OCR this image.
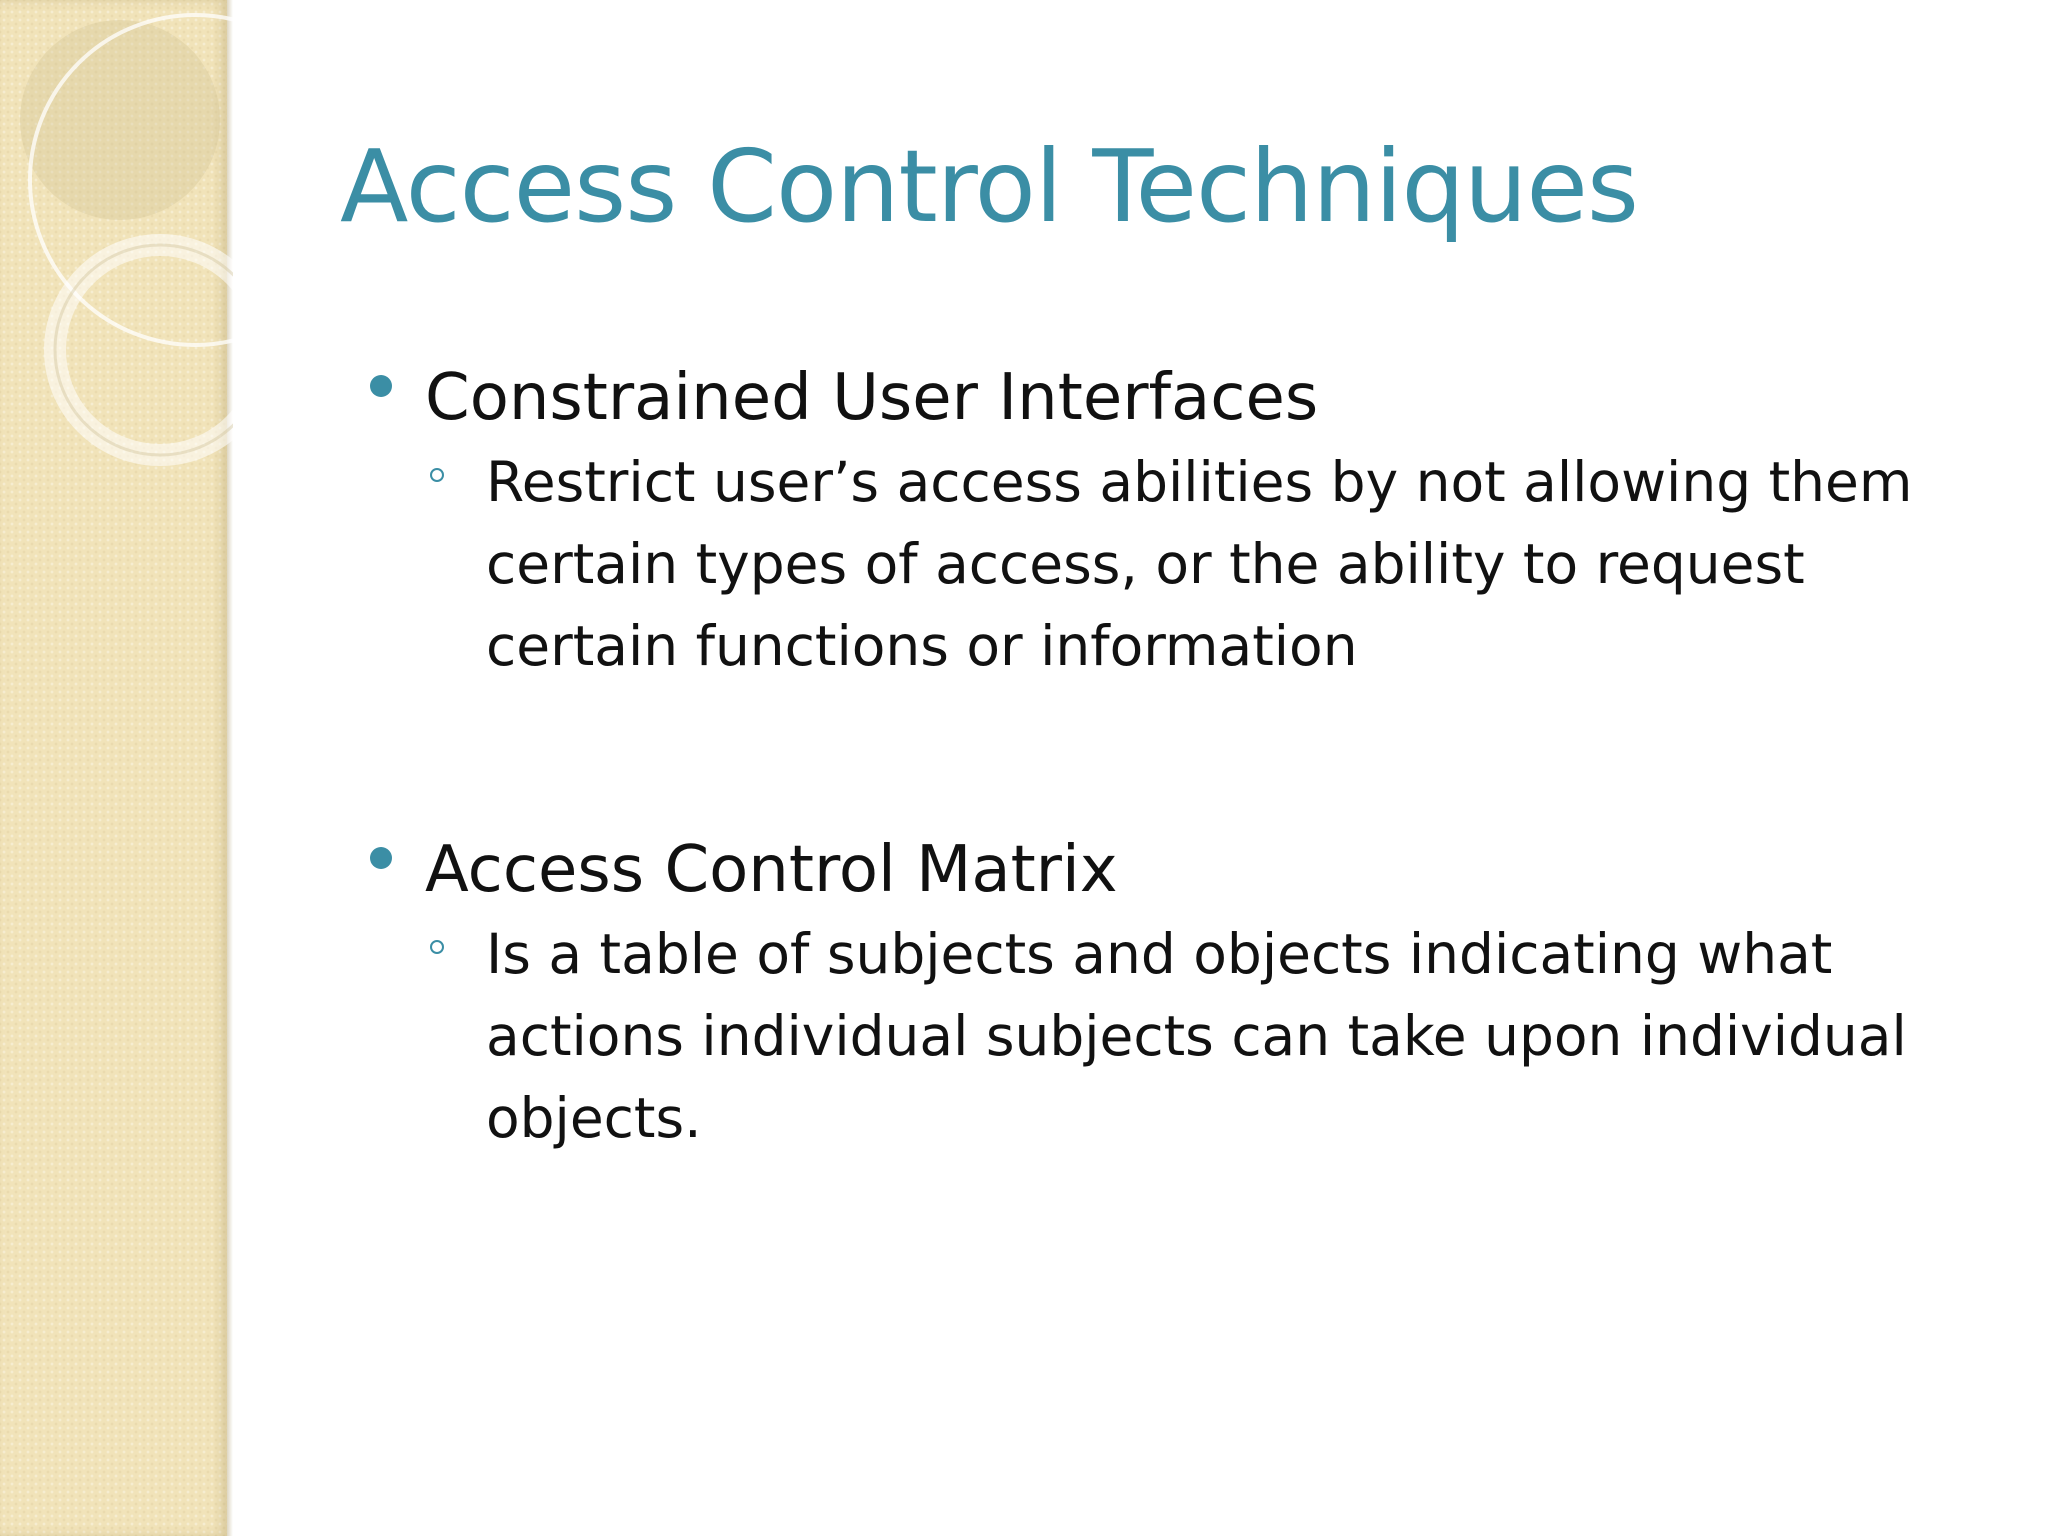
Access Control Techniques
Constrained User Interfaces
Restrict user’s access abilities by not allowing them certain types of access, or the ability to request certain functions or information
Access Control Matrix
Is a table of subjects and objects indicating what actions individual subjects can take upon individual objects.
